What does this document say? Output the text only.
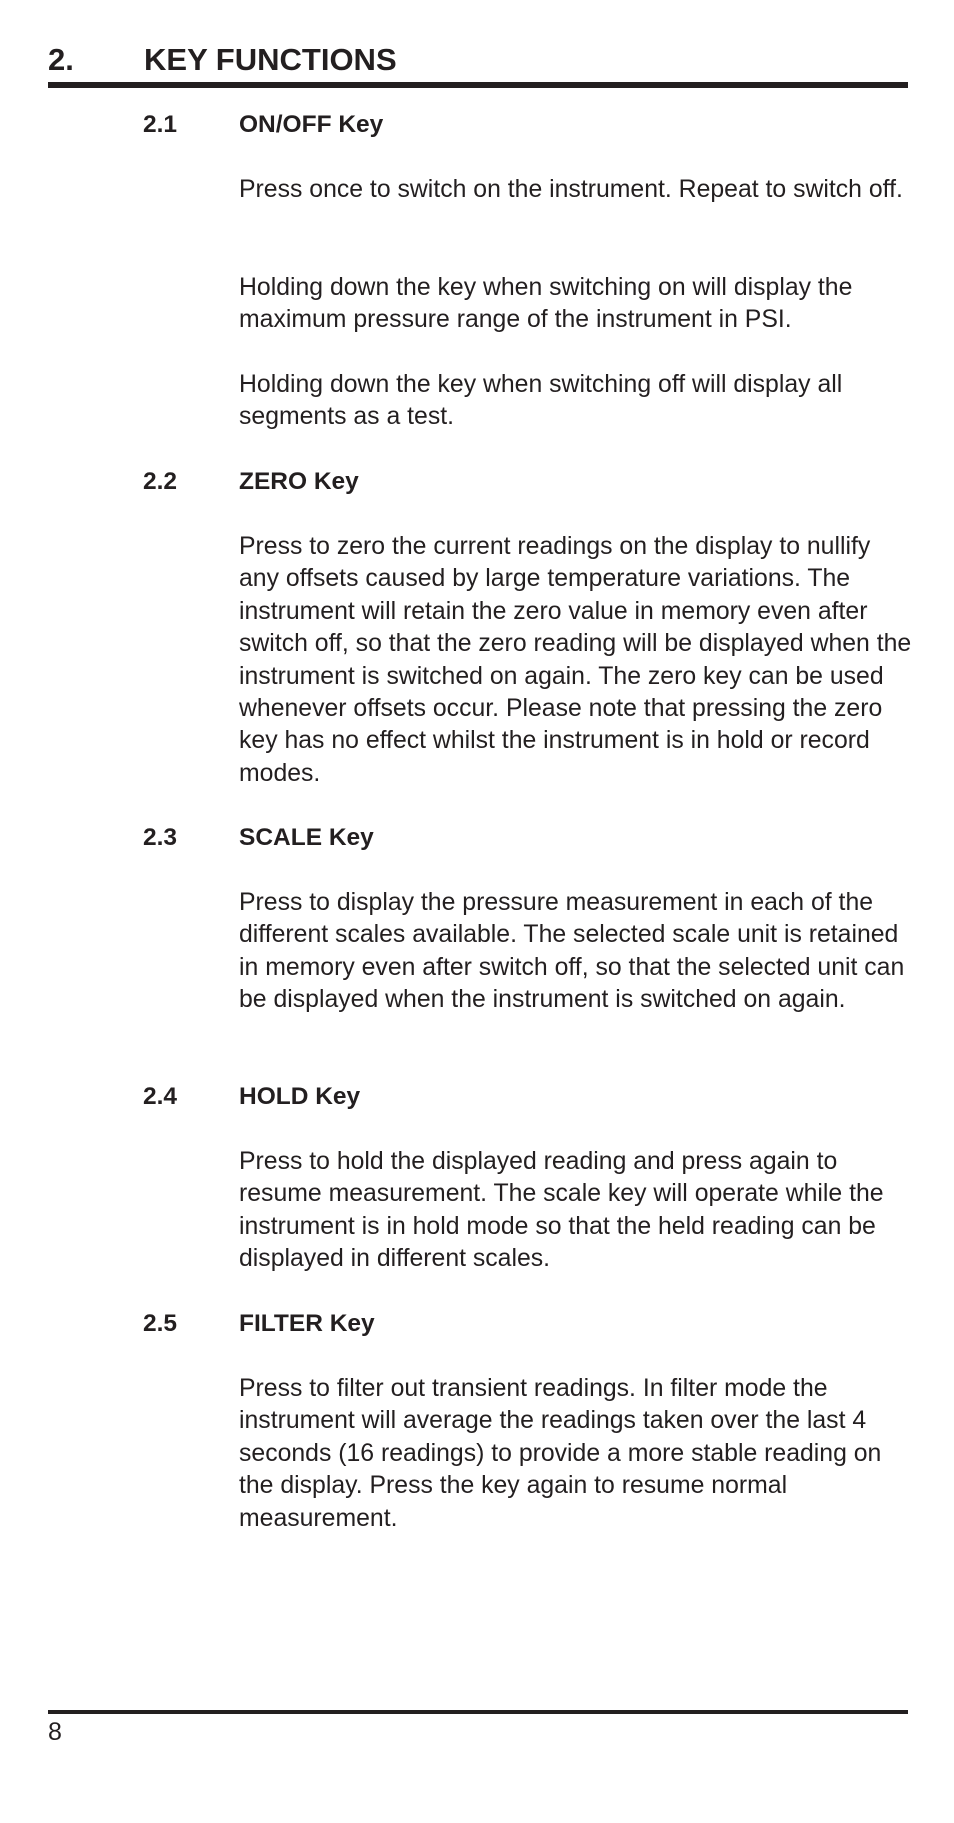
2. KEY FUNCTIONS
2.1	ON/OFF Key

Press once to switch on the instrument. Repeat to switch off.

Holding down the key when switching on will display the maximum pressure range of the instrument in PSI.

Holding down the key when switching off will display all segments as a test.

2.2	ZERO Key

Press to zero the current readings on the display to nullify any offsets caused by large temperature variations. The instrument will retain the zero value in memory even after switch off, so that the zero reading will be displayed when the instrument is switched on again. The zero key can be used whenever offsets occur. Please note that pressing the zero key has no effect whilst the instrument is in hold or record modes.

2.3	SCALE Key

Press to display the pressure measurement in each of the different scales available. The selected scale unit is retained in memory even after switch off, so that the selected unit can be displayed when the instrument is switched on again.

2.4	HOLD Key

Press to hold the displayed reading and press again to resume measurement. The scale key will operate while the instrument is in hold mode so that the held reading can be displayed in different scales.

2.5	FILTER Key

Press to filter out transient readings. In filter mode the instrument will average the readings taken over the last 4 seconds (16 readings) to provide a more stable reading on the display. Press the key again to resume normal measurement.

8
